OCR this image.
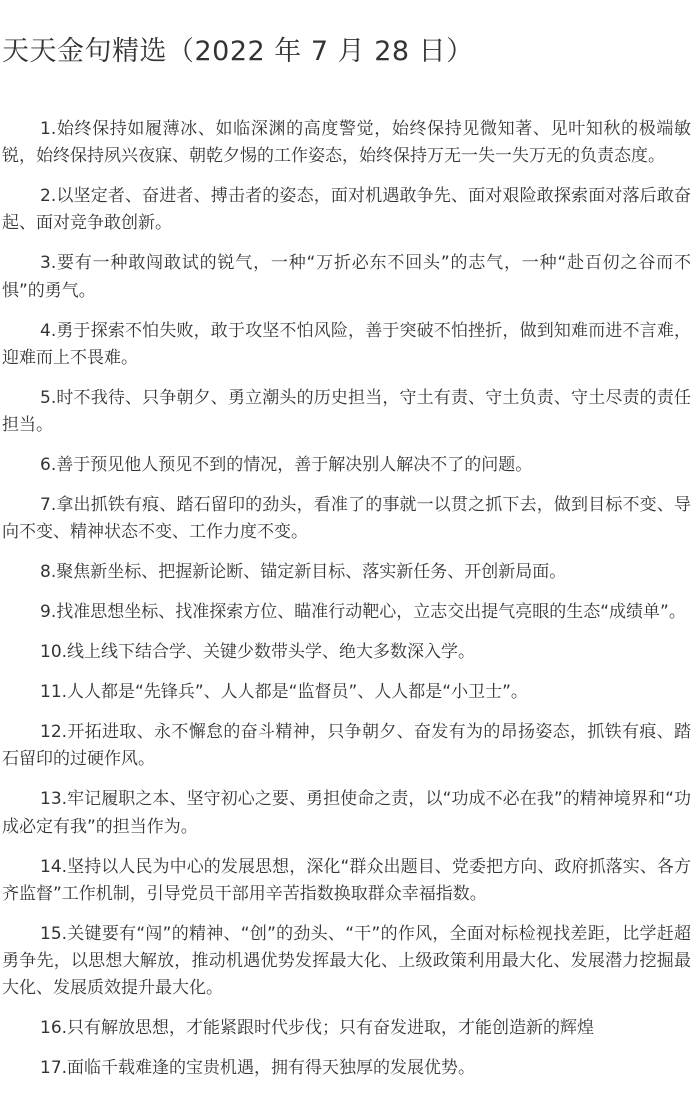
天天金句精选（2022 年 7 月 28 日）

1.始终保持如履薄冰、如临深渊的高度警觉，始终保持见微知著、见叶知秋的极端敏锐，始终保持夙兴夜寐、朝乾夕惕的工作姿态，始终保持万无一失一失万无的负责态度。

2.以坚定者、奋进者、搏击者的姿态，面对机遇敢争先、面对艰险敢探索面对落后敢奋起、面对竞争敢创新。

3.要有一种敢闯敢试的锐气，一种“万折必东不回头”的志气，一种“赴百仞之谷而不惧”的勇气。

4.勇于探索不怕失败，敢于攻坚不怕风险，善于突破不怕挫折，做到知难而进不言难，迎难而上不畏难。

5.时不我待、只争朝夕、勇立潮头的历史担当，守土有责、守土负责、守土尽责的责任担当。

6.善于预见他人预见不到的情况，善于解决别人解决不了的问题。

7.拿出抓铁有痕、踏石留印的劲头，看准了的事就一以贯之抓下去，做到目标不变、导向不变、精神状态不变、工作力度不变。

8.聚焦新坐标、把握新论断、锚定新目标、落实新任务、开创新局面。

9.找准思想坐标、找准探索方位、瞄准行动靶心，立志交出提气亮眼的生态“成绩单”。

10.线上线下结合学、关键少数带头学、绝大多数深入学。

11.人人都是“先锋兵”、人人都是“监督员”、人人都是“小卫士”。

12.开拓进取、永不懈怠的奋斗精神，只争朝夕、奋发有为的昂扬姿态，抓铁有痕、踏石留印的过硬作风。

13.牢记履职之本、坚守初心之要、勇担使命之责，以“功成不必在我”的精神境界和“功成必定有我”的担当作为。

14.坚持以人民为中心的发展思想，深化“群众出题目、党委把方向、政府抓落实、各方齐监督”工作机制，引导党员干部用辛苦指数换取群众幸福指数。

15.关键要有“闯”的精神、“创”的劲头、“干”的作风，全面对标检视找差距，比学赶超勇争先，以思想大解放，推动机遇优势发挥最大化、上级政策利用最大化、发展潜力挖掘最大化、发展质效提升最大化。

16.只有解放思想，才能紧跟时代步伐；只有奋发进取，才能创造新的辉煌

17.面临千载难逢的宝贵机遇，拥有得天独厚的发展优势。
